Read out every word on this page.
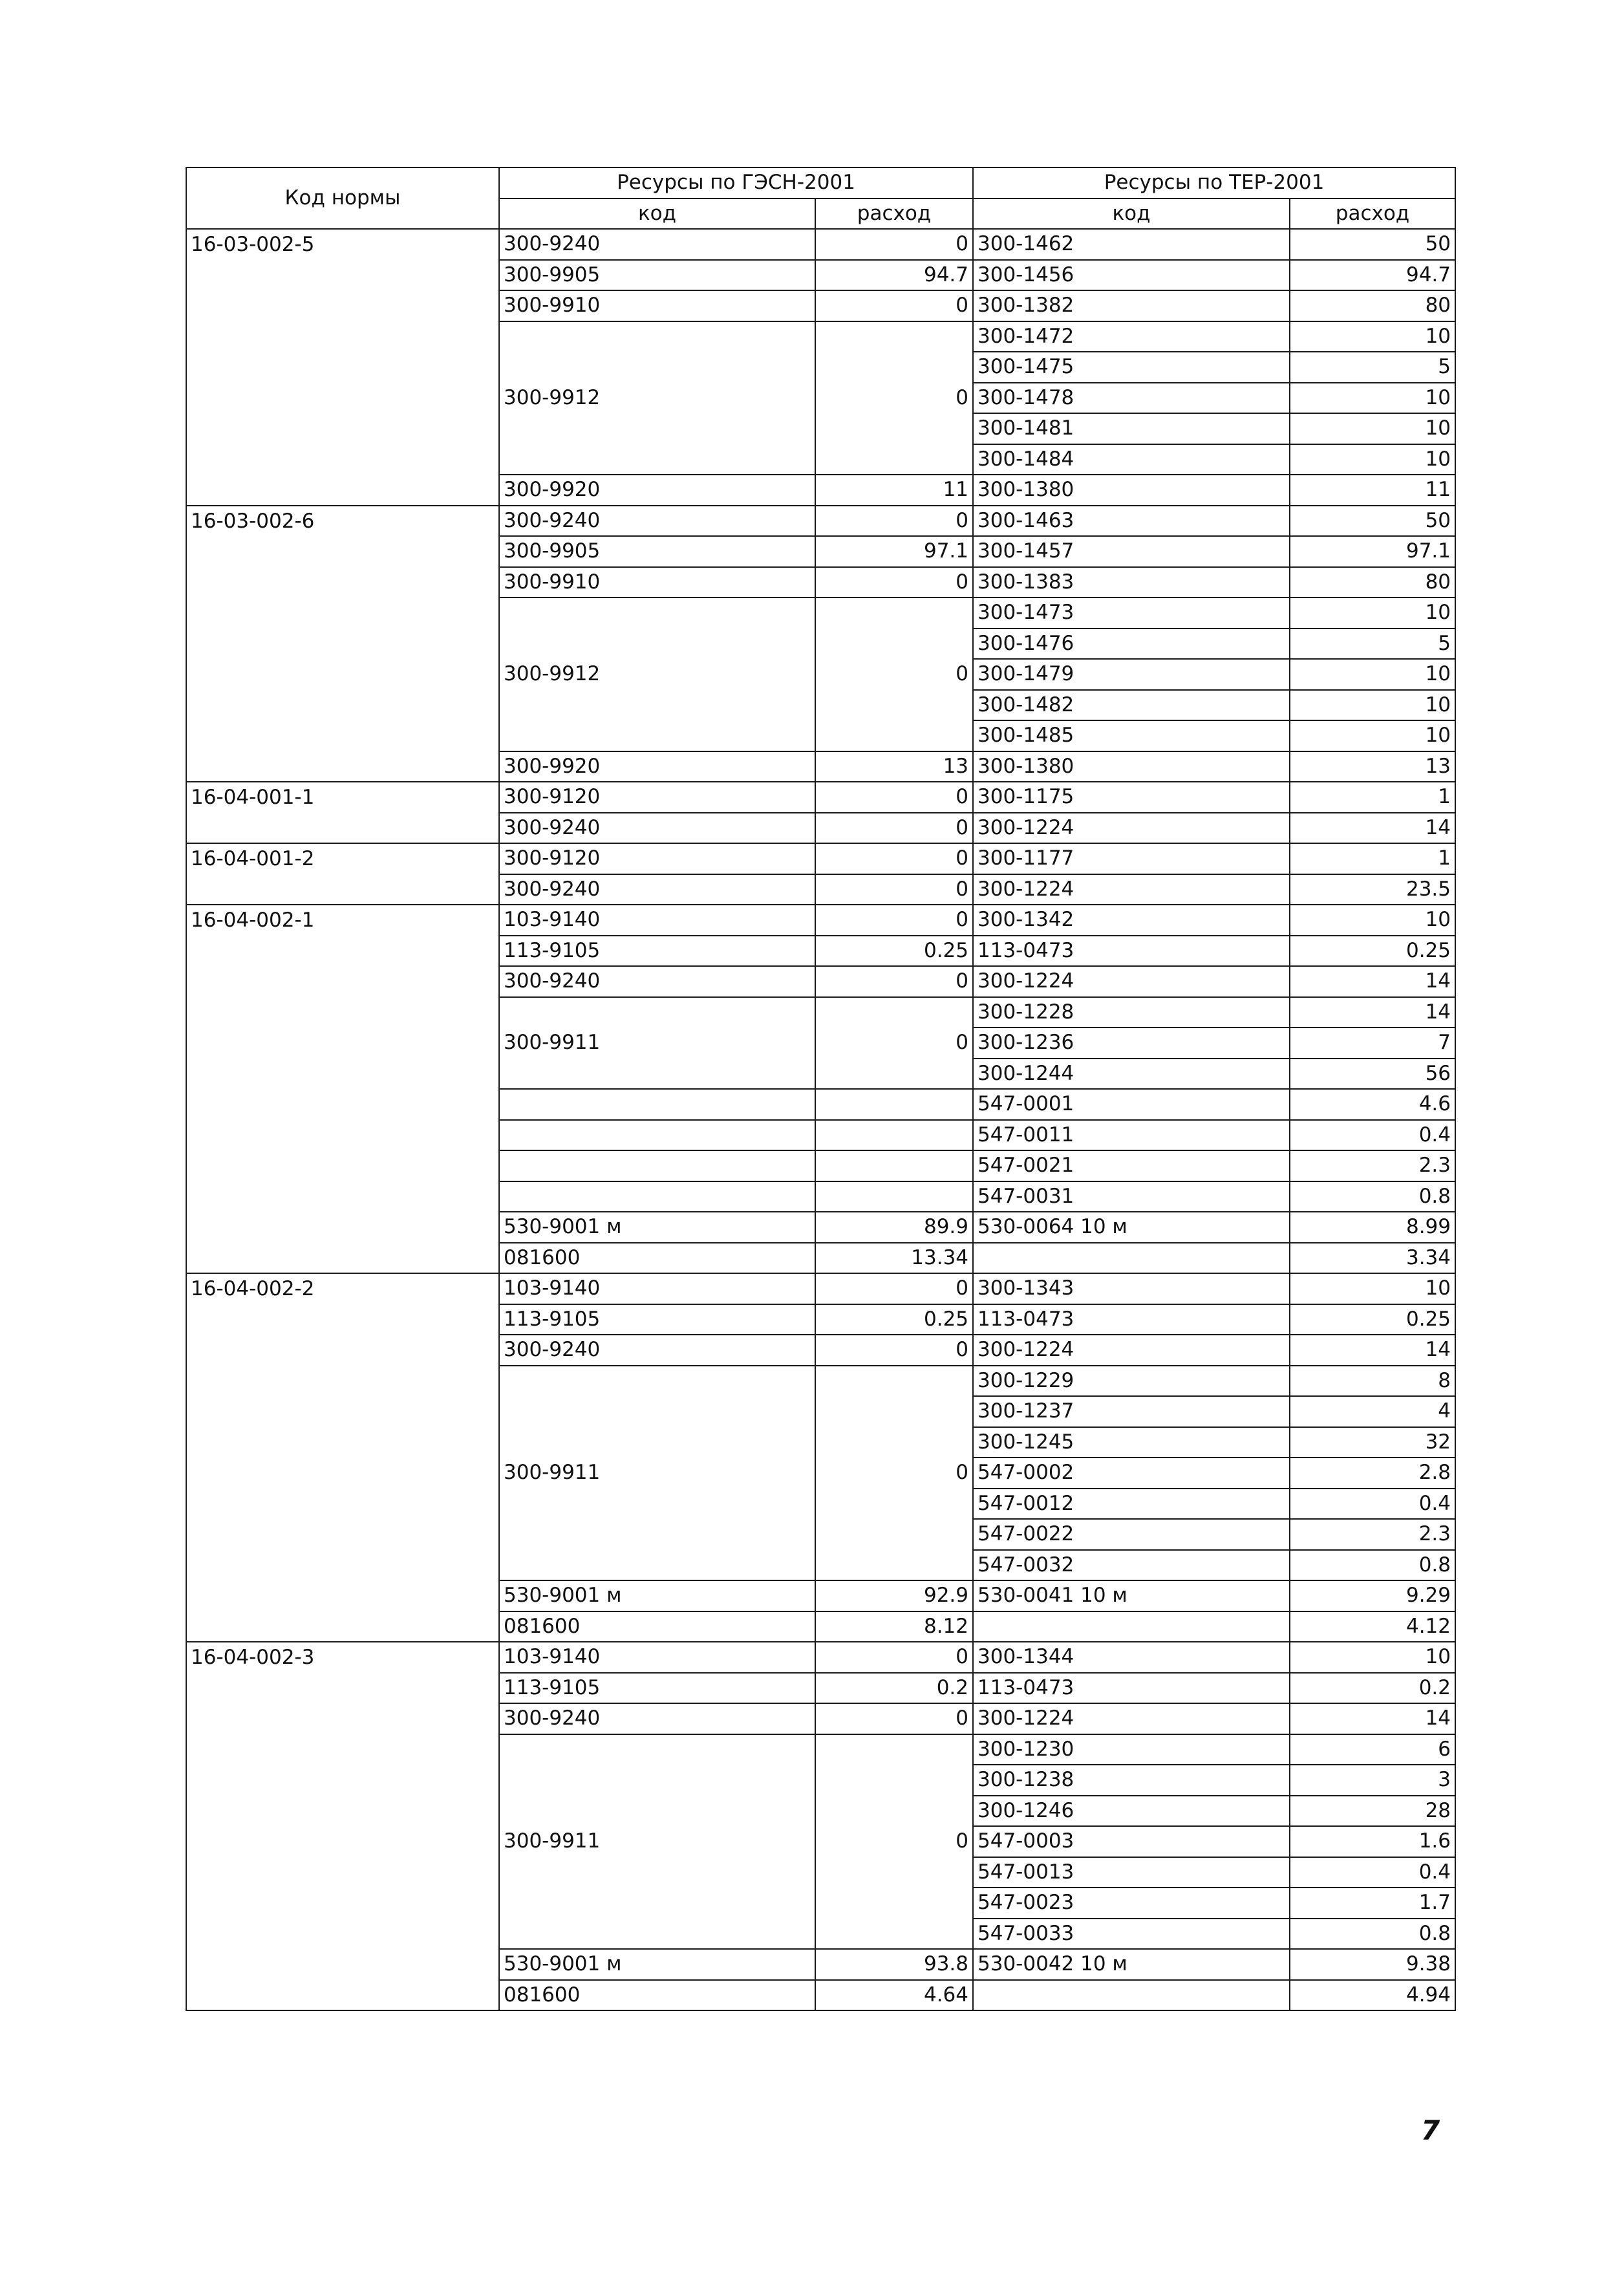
Код нормы	Ресурсы по ГЭСН-2001		Ресурсы по ТЕР-2001	
	код	расход	код	расход
16-03-002-5	300-9240	0	300-1462	50
	300-9905	94.7	300-1456	94.7
	300-9910	0	300-1382	80
	300-9912	0	300-1472	10
			300-1475	5
			300-1478	10
			300-1481	10
			300-1484	10
	300-9920	11	300-1380	11
16-03-002-6	300-9240	0	300-1463	50
	300-9905	97.1	300-1457	97.1
	300-9910	0	300-1383	80
	300-9912	0	300-1473	10
			300-1476	5
			300-1479	10
			300-1482	10
			300-1485	10
	300-9920	13	300-1380	13
16-04-001-1	300-9120	0	300-1175	1
	300-9240	0	300-1224	14
16-04-001-2	300-9120	0	300-1177	1
	300-9240	0	300-1224	23.5
16-04-002-1	103-9140	0	300-1342	10
	113-9105	0.25	113-0473	0.25
	300-9240	0	300-1224	14
	300-9911	0	300-1228	14
			300-1236	7
			300-1244	56
			547-0001	4.6
			547-0011	0.4
			547-0021	2.3
			547-0031	0.8
	530-9001 м	89.9	530-0064 10 м	8.99
	081600	13.34		3.34
16-04-002-2	103-9140	0	300-1343	10
	113-9105	0.25	113-0473	0.25
	300-9240	0	300-1224	14
	300-9911	0	300-1229	8
			300-1237	4
			300-1245	32
			547-0002	2.8
			547-0012	0.4
			547-0022	2.3
			547-0032	0.8
	530-9001 м	92.9	530-0041 10 м	9.29
	081600	8.12		4.12
16-04-002-3	103-9140	0	300-1344	10
	113-9105	0.2	113-0473	0.2
	300-9240	0	300-1224	14
	300-9911	0	300-1230	6
			300-1238	3
			300-1246	28
			547-0003	1.6
			547-0013	0.4
			547-0023	1.7
			547-0033	0.8
	530-9001 м	93.8	530-0042 10 м	9.38
	081600	4.64		4.94
7
